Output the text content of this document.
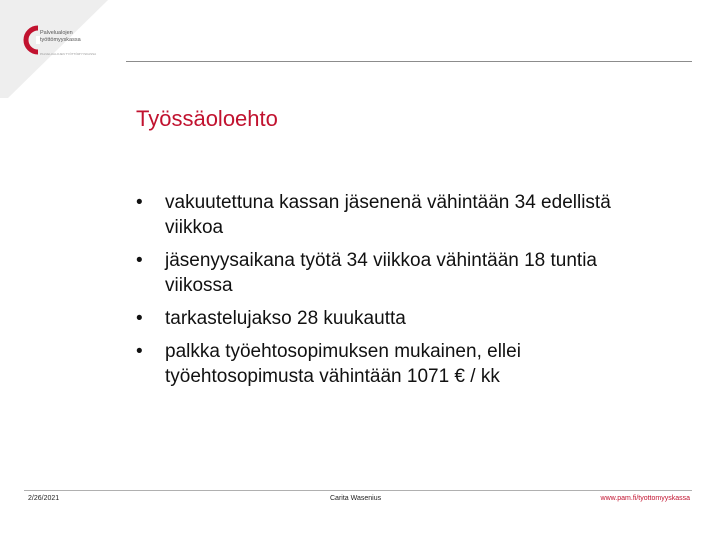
Palvelualojen työttömyyskassa
PALVELUALOJEN TYÖTTÖMYYSKASSA
Työssäoloehto
• vakuutettuna kassan jäsenenä vähintään 34 edellistä viikkoa
• jäsenyysaikana työtä 34 viikkoa vähintään 18 tuntia viikossa
• tarkastelujakso 28 kuukautta
• palkka työehtosopimuksen mukainen, ellei työehtosopimusta vähintään 1071 € / kk
2/26/2021	Carita Wasenius	www.pam.fi/tyottomyyskassa
